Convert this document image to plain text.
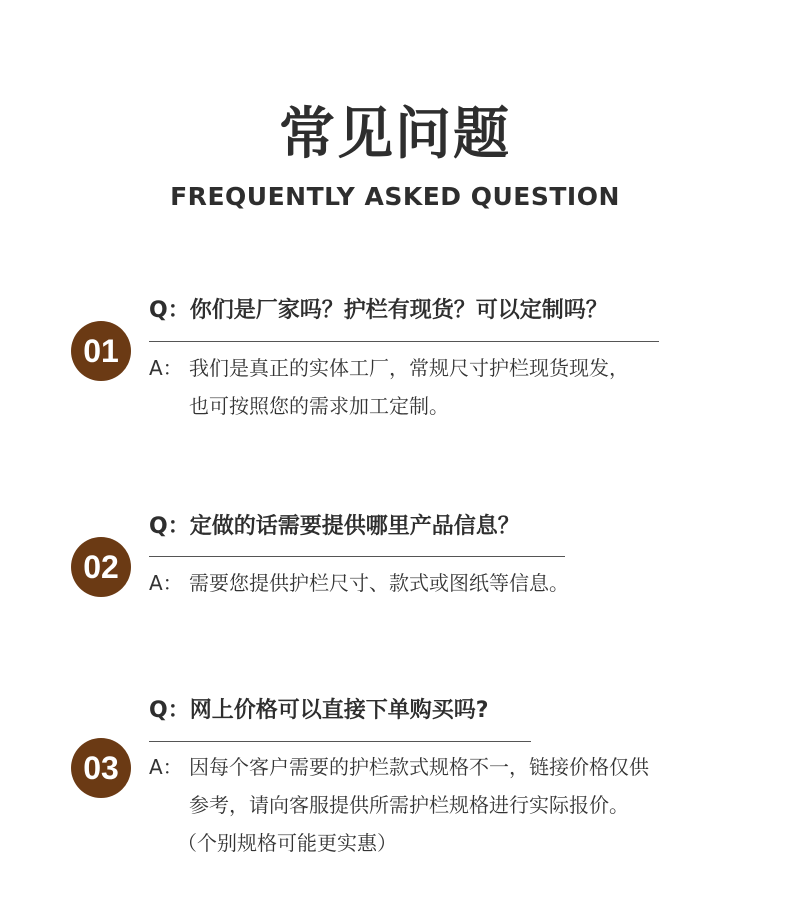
常见问题
FREQUENTLY ASKED QUESTION
Q：你们是厂家吗？护栏有现货？可以定制吗？
01	A： 我们是真正的实体工厂，常规尺寸护栏现货现发，
也可按照您的需求加工定制。
Q：定做的话需要提供哪里产品信息？
02	A： 需要您提供护栏尺寸、款式或图纸等信息。
Q：网上价格可以直接下单购买吗?
03	A： 因每个客户需要的护栏款式规格不一，链接价格仅供
参考，请向客服提供所需护栏规格进行实际报价。
（个别规格可能更实惠）
